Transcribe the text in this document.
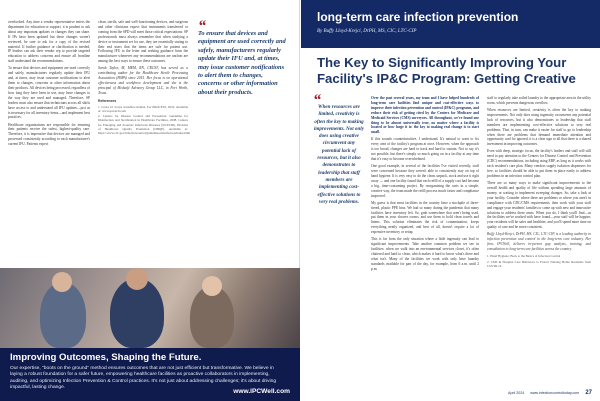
overlooked. Any time a vendor representative enters the department for education or support, it is prudent to ask about any important updates or changes they can share. If IPs have been updated but these changes weren't reviewed, be sure to ask for a copy of the revised material. If further guidance or clarification is needed, IP leaders can ask their vendor rep to provide targeted education to address concerns and ensure all frontline staff understand the recommendations.

To ensure that devices and equipment are used correctly and safely, manufacturers regularly update their IFU and, at times, may issue customer notifications to alert them to changes, concerns or other information about their products. All devices being processed, regardless of how long they have been in use, may have changes to the way they are used and managed. Therefore, SP leaders must also ensure that technicians across all shifts have access to and understand all IFU updates—just as is necessary for all inventory items—and implement best practices.

Healthcare organizations are responsible for ensuring their patients receive the safest, highest-quality care. Therefore, it is imperative that devices are managed and processed consistently according to each manufacturer's current IFU. Patients expect

clean, sterile, safe and well-functioning devices, and surgeons and other clinicians expect that instruments transferred or coming from the SPD will meet those critical expectations. SP professionals must always remember that when studying a device or instrument set for use, they are essentially stating to their end users that the items are safe for patient use. Following IFU to the letter and seeking guidance from the manufacturer whenever any recommendations are unclear are among the best ways to ensure these outcomes.

Sarah Taylor, M, MEM, RN, CRCST, has served as a contributing author for the Healthcare Sterile Processing Association (HSPA) since 2015. Her focus is on operational effectiveness and workforce development and she is the principal of Medsafe Advisory Group LLC, in Fort Worth, Texas.

References
1. Costa, D. Scope workflow hidden. For PROCESS, 2019. Available at: www.ipwatch.com
2. Centers for Disease Control and Prevention. Guideline for Disinfection and Sterilization in Healthcare Facilities, 2008. Centers for Emerging and Zoonotic Infectious Diseases (NCEZID), Division of Healthcare Quality Promotion (DHQP). Available at: https://www.cdc.gov/infectioncontrol/guidelines/disinfection/index.html
“
To ensure that devices and equipment are used correctly and safely, manufacturers regularly update their IFU and, at times, may issue customer notifications to alert them to changes, concerns or other information about their products.
Improving Outcomes, Shaping the Future.
Our expertise, "boots on the ground" method ensures outcomes that are not just efficient but transformative. We believe in laying a robust foundation for a safer future, empowering healthcare facilities as proactive collaborators in implementing, auditing, and optimizing Infection Prevention & Control practices. It's not just about addressing challenges; it's about driving impactful, lasting change.
www.IPCWell.com
long-term care infection prevention
By Buffy Lloyd-Krejci, DrPH, MS, CIC, LTC-CIP
The Key to Significantly Improving Your Facility's IP&C Program: Getting Creative
“
When resources are limited, creativity is often the key to making improvements. Not only does using creative circumvent any potential lack of resources, but it also demonstrates to leadership that staff members are implementing cost-effective solutions to very real problems.

Over the past several years, my team and I have helped hundreds of long-term care facilities find unique and cost-effective ways to improve their infection prevention and control (IP&C) programs, and reduce their risk of getting cited by the Centers for Medicare and Medicaid Services (CMS) surveyors. All throughout, we've found one thing to be almost universally true, no matter where a facility is located or how large it is: the key to making real change is to start small.

If this sounds counterintuitive, I understand. It's natural to want to fix every area of the facility's program at once. However, when the approach is too broad, changes are hard to track and hard to sustain. Not to say it's not possible, but there's simply so much going on in a facility at any time that it's easy to become overwhelmed.

One good example, in several of the facilities I've visited recently, staff were concerned because they weren't able to consistently stay on top of hand hygiene. It is very easy to do the clean, unpack, stock and use it right away — and one facility found that each refill of a supply cart had become a big, time-consuming project. By reorganizing the carts in a simple, creative way, the team made the refill process much faster and compliance improved.

My guess is that most facilities in the country have a stockpile of three-tiered, plastic PPE bins. We had so many during the pandemic that many facilities have inventory left. So, grab somewhere that aren't being used, put them in your shower rooms, and use them to hold clean towels and linens. This solution eliminates the risk of contamination, keeps everything neatly organized, and best of all, doesn't require a lot of expensive inventory or setup.

This is far from the only situation where a little ingenuity can lead to significant improvements. Take another common problem we see in facilities: when we walk into an environmental services closet, it's often cluttered and hard to clean, which makes it hard to know what's there and what isn't. Many of the facilities we work with only have laundry standards available for part of the day, for example, from 6 a.m. until 2 p.m.

staff to regularly take soiled laundry to the appropriate area in the utility room, which prevents dangerous overflow.

When resources are limited, creativity is often the key to making improvements. Not only does using ingenuity circumvent any potential lack of resources, but it also demonstrates to leadership that staff members are implementing cost-effective solutions to very real problems. That, in turn, can make it easier for staff to go to leadership when there are problems that demand immediate attention and opportunity can't be ignored, it is a clear sign to all that there is a shared investment in improving outcomes.

Even with deep, strategic focus, the facility's leaders and staff will still need to pay attention to the Centers for Disease Control and Prevention (CDC) recommendations, including using EBP, as long as it works with each resident's care plan. Many vendors supply isolation dispensers for free, so facilities should be able to put them in place easily to address problems in an infection control plan.

There are so many ways to make significant improvements to the overall health and quality of life without spending large amounts of money, or waiting to implement sweeping changes. So, take a look at your facility. Consider where there are problems or where you aren't in compliance with CDC/CMS requirements, then work with your staff and engage your residents' families to come up with new and innovative solutions to address these areas. When you do, I think you'll find—as the facilities we've worked with have found—your staff will be happier, your residents will be safer and healthier, and you'll spend more time on quality of care and be more consistent.

Buffy Lloyd-Krejci, DrPH, MS, CIC, LTC-CIP, is a leading authority in infection prevention and control in the long-term care industry. Her firm, IPCWell, delivers in-person gap analysis, training, and consultation to long-term care facilities across the country.

1. Hand Hygiene: Back to the Basics of Infection Control
2. CMS & Hospital Care Behaviors to Protect Nursing Home Residents from COVID-19
April 2024 www.infectioncontroltoday.com 27
